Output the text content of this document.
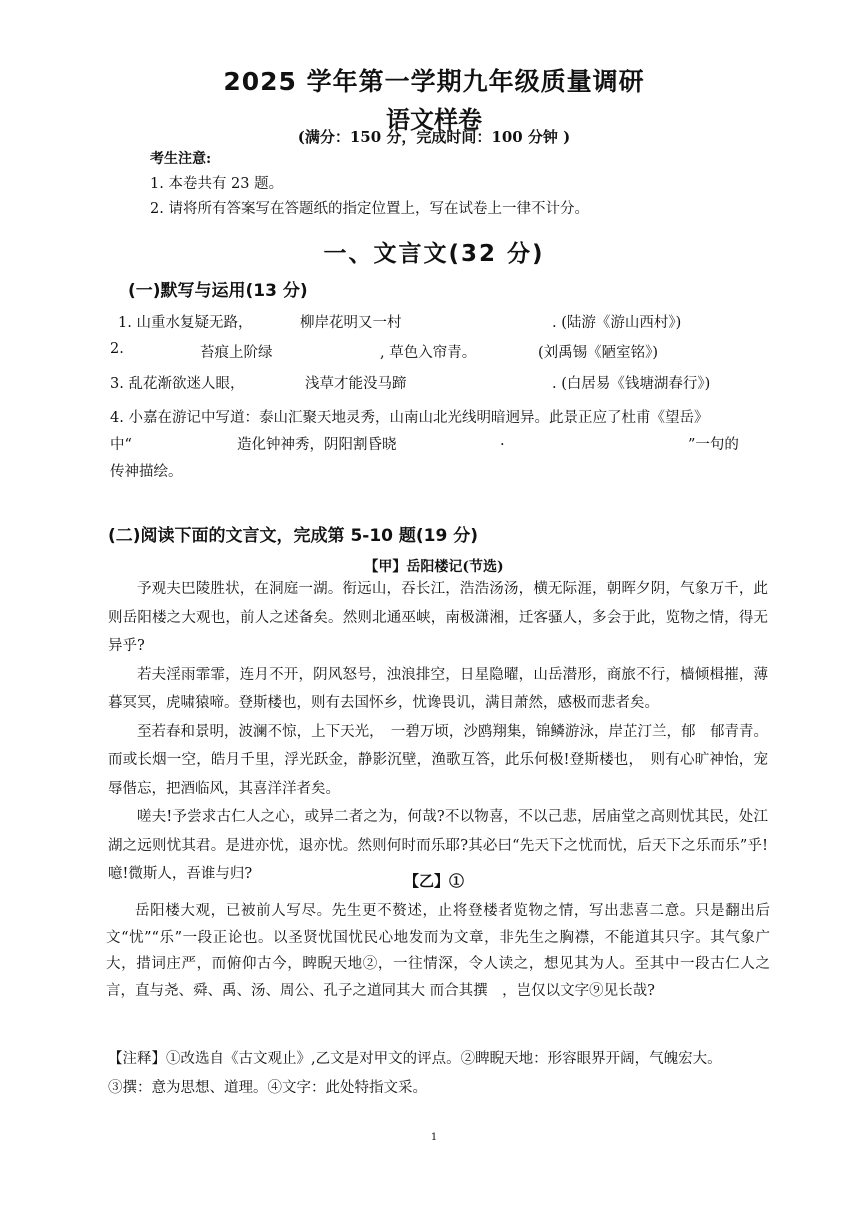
2025 学年第一学期九年级质量调研
语文样卷
(满分：150 分，完成时间：100 分钟 )
考生注意:
1. 本卷共有 23 题。
2. 请将所有答案写在答题纸的指定位置上，写在试卷上一律不计分。
一、文言文(32 分)
(一)默写与运用(13 分)
1. 山重水复疑无路，	柳岸花明又一村	. (陆游《游山西村》)
2.	苔痕上阶绿	, 草色入帘青。	(刘禹锡《陋室铭》)
3. 乱花渐欲迷人眼，	浅草才能没马蹄	. (白居易《钱塘湖春行》)
4. 小嘉在游记中写道：泰山汇聚天地灵秀，山南山北光线明暗迥异。此景正应了杜甫《望岳》
中“	造化钟神秀，阴阳割昏晓	.	”一句的
传神描绘。
(二)阅读下面的文言文，完成第 5-10 题(19 分)
【甲】岳阳楼记(节选)

予观夫巴陵胜状，在洞庭一湖。衔远山，吞长江，浩浩汤汤，横无际涯，朝晖夕阴，气象万千，此则岳阳楼之大观也，前人之述备矣。然则北通巫峡，南极潇湘，迁客骚人，多会于此，览物之情，得无异乎?

若夫淫雨霏霏，连月不开，阴风怒号，浊浪排空，日星隐曜，山岳潜形，商旅不行，樯倾楫摧，薄暮冥冥，虎啸猿啼。登斯楼也，则有去国怀乡，忧谗畏讥，满目萧然，感极而悲者矣。

至若春和景明，波澜不惊，上下天光，　一碧万顷，沙鸥翔集，锦鳞游泳，岸芷汀兰，郁　郁青青。而或长烟一空，皓月千里，浮光跃金，静影沉壁，渔歌互答，此乐何极!登斯楼也，　则有心旷神怡，宠辱偕忘，把酒临风，其喜洋洋者矣。

嗟夫!予尝求古仁人之心，或异二者之为，何哉?不以物喜，不以己悲，居庙堂之高则忧其民，处江湖之远则忧其君。是进亦忧，退亦忧。然则何时而乐耶?其必曰“先天下之忧而忧，后天下之乐而乐”乎!噫!微斯人，吾谁与归?	【乙】①
岳阳楼大观，已被前人写尽。先生更不赘述，止将登楼者览物之情，写出悲喜二意。只是翻出后文“忧”“乐”一段正论也。以圣贤忧国忧民心地发而为文章，非先生之胸襟，不能道其只字。其气象广大，措词庄严，而俯仰古今，睥睨天地②，一往情深，令人读之，想见其为人。至其中一段古仁人之言，直与尧、舜、禹、汤、周公、孔子之道同其大 而合其撰　，岂仅以文字⑨见长哉?
【注释】①改选自《古文观止》,乙文是对甲文的评点。②睥睨天地：形容眼界开阔，气魄宏大。
③撰：意为思想、道理。④文字：此处特指文采。
1
